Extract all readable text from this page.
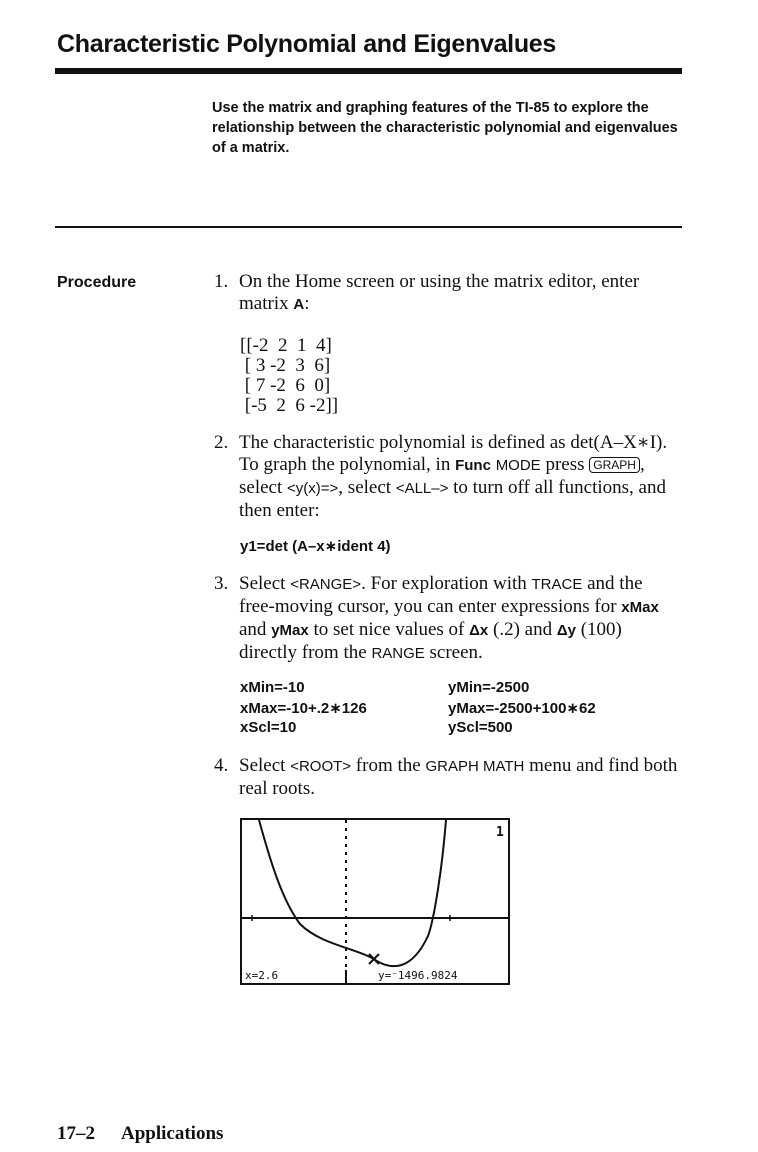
Characteristic Polynomial and Eigenvalues
Use the matrix and graphing features of the TI-85 to explore the relationship between the characteristic polynomial and eigenvalues of a matrix.
Procedure	1. On the Home screen or using the matrix editor, enter matrix A:
[[-2  2  1  4]
[ 3 -2  3  6]
[ 7 -2  6  0]
[-5  2  6 -2]]
2. The characteristic polynomial is defined as det(A–X∗I). To graph the polynomial, in Func MODE press GRAPH , select <y(x)=>, select <ALL–> to turn off all functions, and then enter:
y1=det (A–x∗ident 4)
3. Select <RANGE>. For exploration with TRACE and the free-moving cursor, you can enter expressions for xMax and yMax to set nice values of Δx (.2) and Δy (100) directly from the RANGE screen.
xMin=-10
xMax=-10+.2∗126
xScl=10
yMin=-2500
yMax=-2500+100∗62
yScl=500
4. Select <ROOT> from the GRAPH MATH menu and find both real roots.
x=2.6	y=⁻1496.9824
1
17–2 Applications
